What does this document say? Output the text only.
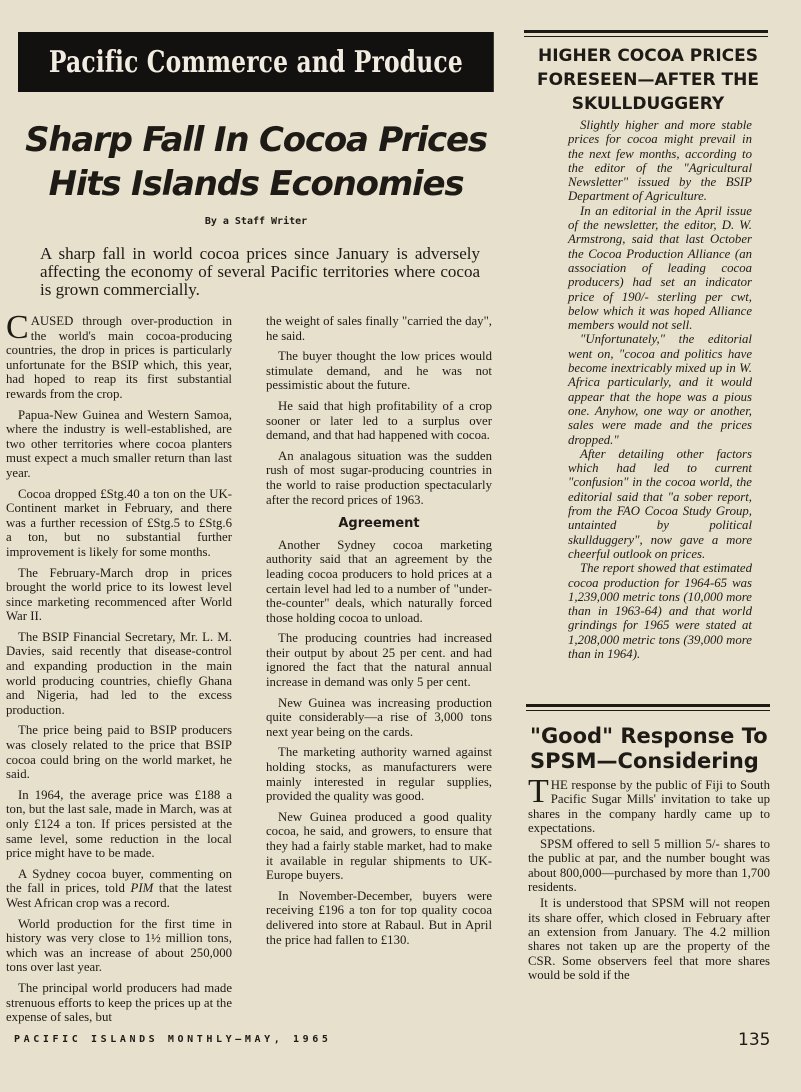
Pacific Commerce and Produce
Sharp Fall In Cocoa Prices
Hits Islands Economies
By a Staff Writer
A sharp fall in world cocoa prices since January is adversely affecting the economy of several Pacific territories where cocoa is grown commercially.

CAUSED through over-production in the world's main cocoa-producing countries, the drop in prices is particularly unfortunate for the BSIP which, this year, had hoped to reap its first substantial rewards from the crop.

Papua-New Guinea and Western Samoa, where the industry is well-established, are two other territories where cocoa planters must expect a much smaller return than last year.

Cocoa dropped £Stg.40 a ton on the UK-Continent market in February, and there was a further recession of £Stg.5 to £Stg.6 a ton, but no substantial further improvement is likely for some months.

The February-March drop in prices brought the world price to its lowest level since marketing recommenced after World War II.

The BSIP Financial Secretary, Mr. L. M. Davies, said recently that disease-control and expanding production in the main world producing countries, chiefly Ghana and Nigeria, had led to the excess production.

The price being paid to BSIP producers was closely related to the price that BSIP cocoa could bring on the world market, he said.

In 1964, the average price was £188 a ton, but the last sale, made in March, was at only £124 a ton. If prices persisted at the same level, some reduction in the local price might have to be made.

A Sydney cocoa buyer, commenting on the fall in prices, told PIM that the latest West African crop was a record.

World production for the first time in history was very close to 1½ million tons, which was an increase of about 250,000 tons over last year.

The principal world producers had made strenuous efforts to keep the prices up at the expense of sales, but

the weight of sales finally "carried the day", he said.

The buyer thought the low prices would stimulate demand, and he was not pessimistic about the future.

He said that high profitability of a crop sooner or later led to a surplus over demand, and that had happened with cocoa.

An analagous situation was the sudden rush of most sugar-producing countries in the world to raise production spectacularly after the record prices of 1963.

Agreement

Another Sydney cocoa marketing authority said that an agreement by the leading cocoa producers to hold prices at a certain level had led to a number of "under-the-counter" deals, which naturally forced those holding cocoa to unload.

The producing countries had increased their output by about 25 per cent. and had ignored the fact that the natural annual increase in demand was only 5 per cent.

New Guinea was increasing production quite considerably—a rise of 3,000 tons next year being on the cards.

The marketing authority warned against holding stocks, as manufacturers were mainly interested in regular supplies, provided the quality was good.

New Guinea produced a good quality cocoa, he said, and growers, to ensure that they had a fairly stable market, had to make it available in regular shipments to UK-Europe buyers.

In November-December, buyers were receiving £196 a ton for top quality cocoa delivered into store at Rabaul. But in April the price had fallen to £130.

HIGHER COCOA PRICES FORESEEN—AFTER THE SKULLDUGGERY

Slightly higher and more stable prices for cocoa might prevail in the next few months, according to the editor of the "Agricultural Newsletter" issued by the BSIP Department of Agriculture.

In an editorial in the April issue of the newsletter, the editor, D. W. Armstrong, said that last October the Cocoa Production Alliance (an association of leading cocoa producers) had set an indicator price of 190/- sterling per cwt, below which it was hoped Alliance members would not sell.

"Unfortunately," the editorial went on, "cocoa and politics have become inextricably mixed up in W. Africa particularly, and it would appear that the hope was a pious one. Anyhow, one way or another, sales were made and the prices dropped."

After detailing other factors which had led to current "confusion" in the cocoa world, the editorial said that "a sober report, from the FAO Cocoa Study Group, untainted by political skullduggery", now gave a more cheerful outlook on prices.

The report showed that estimated cocoa production for 1964-65 was 1,239,000 metric tons (10,000 more than in 1963-64) and that world grindings for 1965 were stated at 1,208,000 metric tons (39,000 more than in 1964).

"Good" Response To SPSM—Considering

THE response by the public of Fiji to South Pacific Sugar Mills' invitation to take up shares in the company hardly came up to expectations.

SPSM offered to sell 5 million 5/- shares to the public at par, and the number bought was about 800,000—purchased by more than 1,700 residents.

It is understood that SPSM will not reopen its share offer, which closed in February after an extension from January. The 4.2 million shares not taken up are the property of the CSR. Some observers feel that more shares would be sold if the

PACIFIC ISLANDS MONTHLY—MAY, 1965	135
